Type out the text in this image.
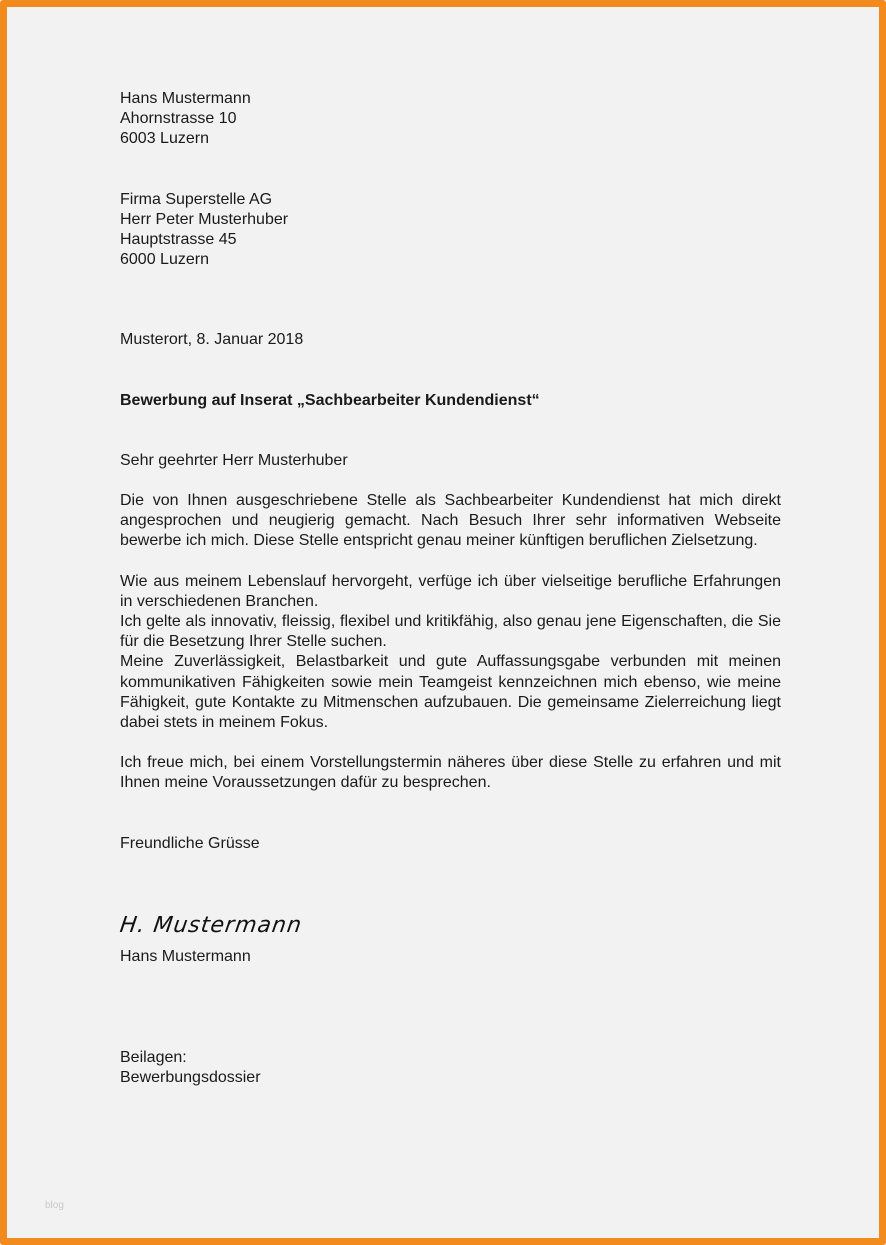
Hans Mustermann
Ahornstrasse 10
6003 Luzern
Firma Superstelle AG
Herr Peter Musterhuber
Hauptstrasse 45
6000 Luzern
Musterort, 8. Januar 2018
Bewerbung auf Inserat „Sachbearbeiter Kundendienst“
Sehr geehrter Herr Musterhuber

Die von Ihnen ausgeschriebene Stelle als Sachbearbeiter Kundendienst hat mich direkt angesprochen und neugierig gemacht. Nach Besuch Ihrer sehr informativen Webseite bewerbe ich mich. Diese Stelle entspricht genau meiner künftigen beruflichen Zielsetzung.

Wie aus meinem Lebenslauf hervorgeht, verfüge ich über vielseitige berufliche Erfahrungen in verschiedenen Branchen.

Ich gelte als innovativ, fleissig, flexibel und kritikfähig, also genau jene Eigenschaften, die Sie für die Besetzung Ihrer Stelle suchen.

Meine Zuverlässigkeit, Belastbarkeit und gute Auffassungsgabe verbunden mit meinen kommunikativen Fähigkeiten sowie mein Teamgeist kennzeichnen mich ebenso, wie meine Fähigkeit, gute Kontakte zu Mitmenschen aufzubauen. Die gemeinsame Zielerreichung liegt dabei stets in meinem Fokus.

Ich freue mich, bei einem Vorstellungstermin näheres über diese Stelle zu erfahren und mit Ihnen meine Voraussetzungen dafür zu besprechen.

Freundliche Grüsse
H. Mustermann
Hans Mustermann
Beilagen:
Bewerbungsdossier
blog
